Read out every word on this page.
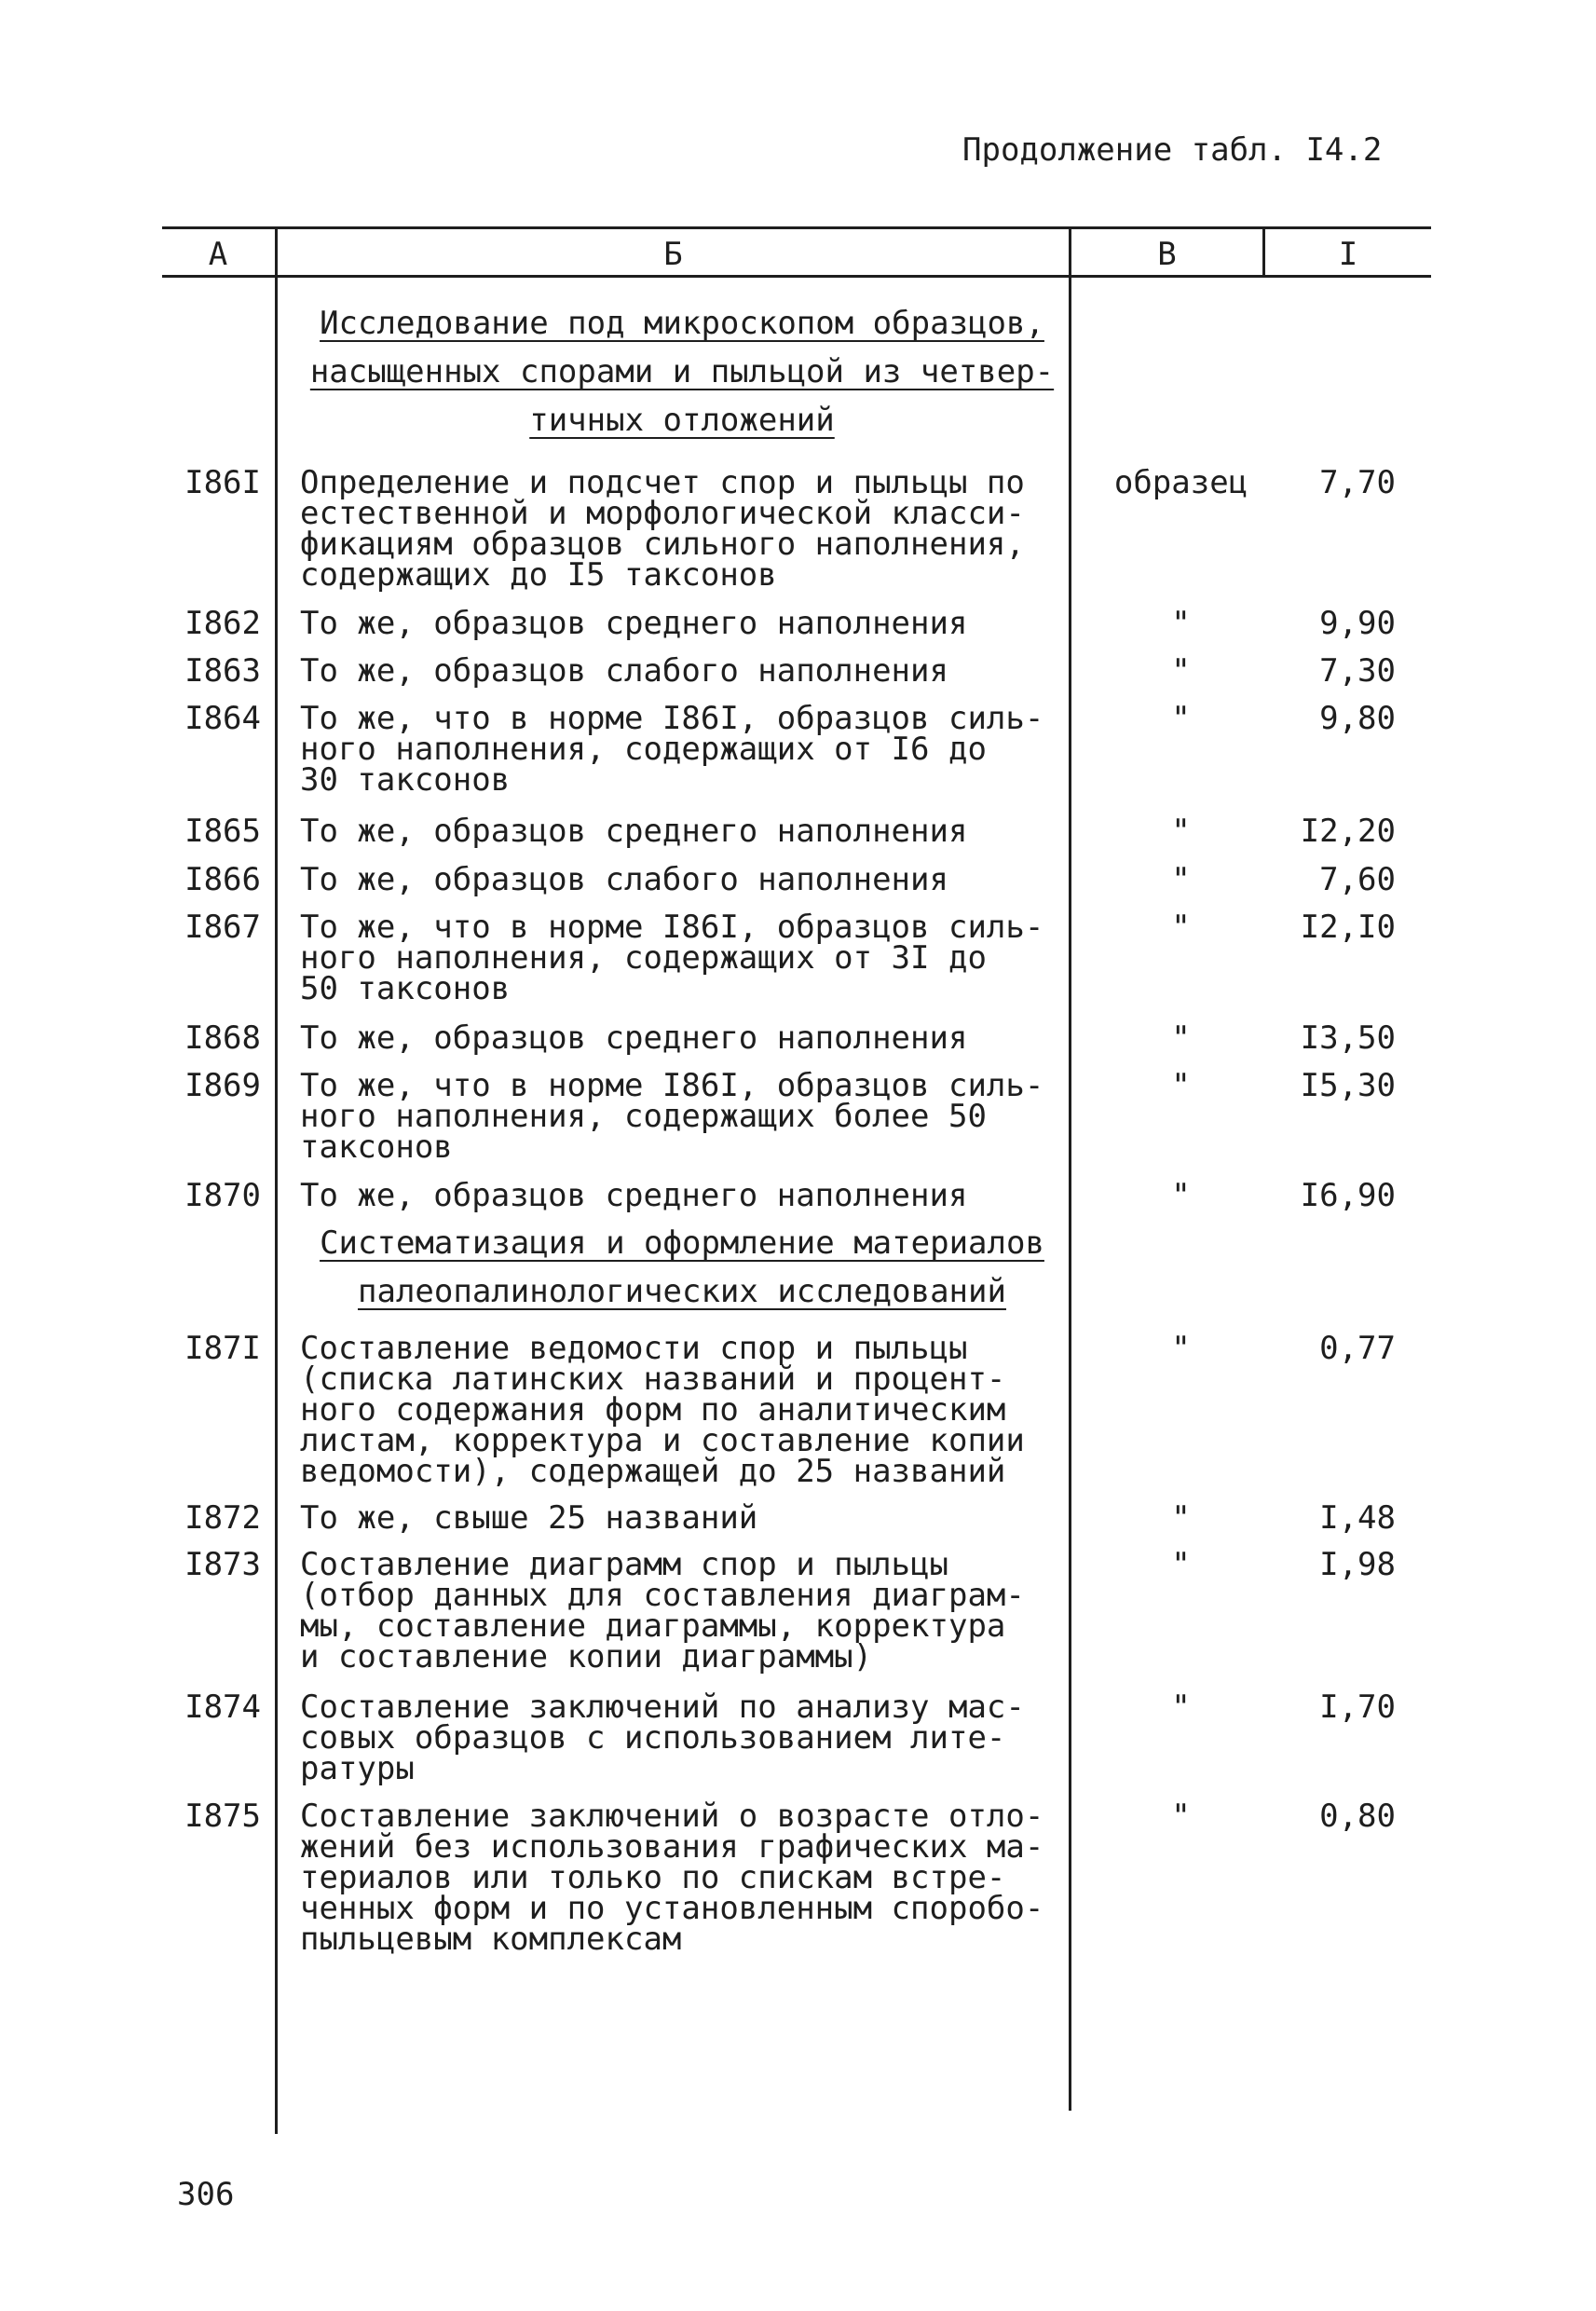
Продолжение табл. I4.2
А	Б	В	I
Исследование под микроскопом образцов,
насыщенных спорами и пыльцой из четвер-
тичных отложений
I86I Определение и подсчет спор и пыльцы по
естественной и морфологической класси-
фикациям образцов сильного наполнения,
содержащих до I5 таксонов
образец	7,70
I862 То же, образцов среднего наполнения	"	9,90
I863 То же, образцов слабого наполнения	"	7,30
I864 То же, что в норме I86I, образцов силь-
ного наполнения, содержащих от I6 до
30 таксонов
"	9,80
I865 То же, образцов среднего наполнения	"	I2,20
I866 То же, образцов слабого наполнения	"	7,60
I867 То же, что в норме I86I, образцов силь-
ного наполнения, содержащих от 3I до
50 таксонов
"	I2,I0
I868 То же, образцов среднего наполнения	"	I3,50
I869 То же, что в норме I86I, образцов силь-
ного наполнения, содержащих более 50
таксонов
"	I5,30
I870 То же, образцов среднего наполнения	"	I6,90
Систематизация и оформление материалов
палеопалинологических исследований
I87I Составление ведомости спор и пыльцы
(списка латинских названий и процент-
ного содержания форм по аналитическим
листам, корректура и составление копии
ведомости), содержащей до 25 названий
"	0,77
I872 То же, свыше 25 названий	"	I,48
I873 Составление диаграмм спор и пыльцы
(отбор данных для составления диаграм-
мы, составление диаграммы, корректура
и составление копии диаграммы)
"	I,98
I874 Составление заключений по анализу мас-
совых образцов с использованием лите-
ратуры
"	I,70
I875 Составление заключений о возрасте отло-
жений без использования графических ма-
териалов или только по спискам встре-
ченных форм и по установленным споробо-
пыльцевым комплексам
"	0,80
306
